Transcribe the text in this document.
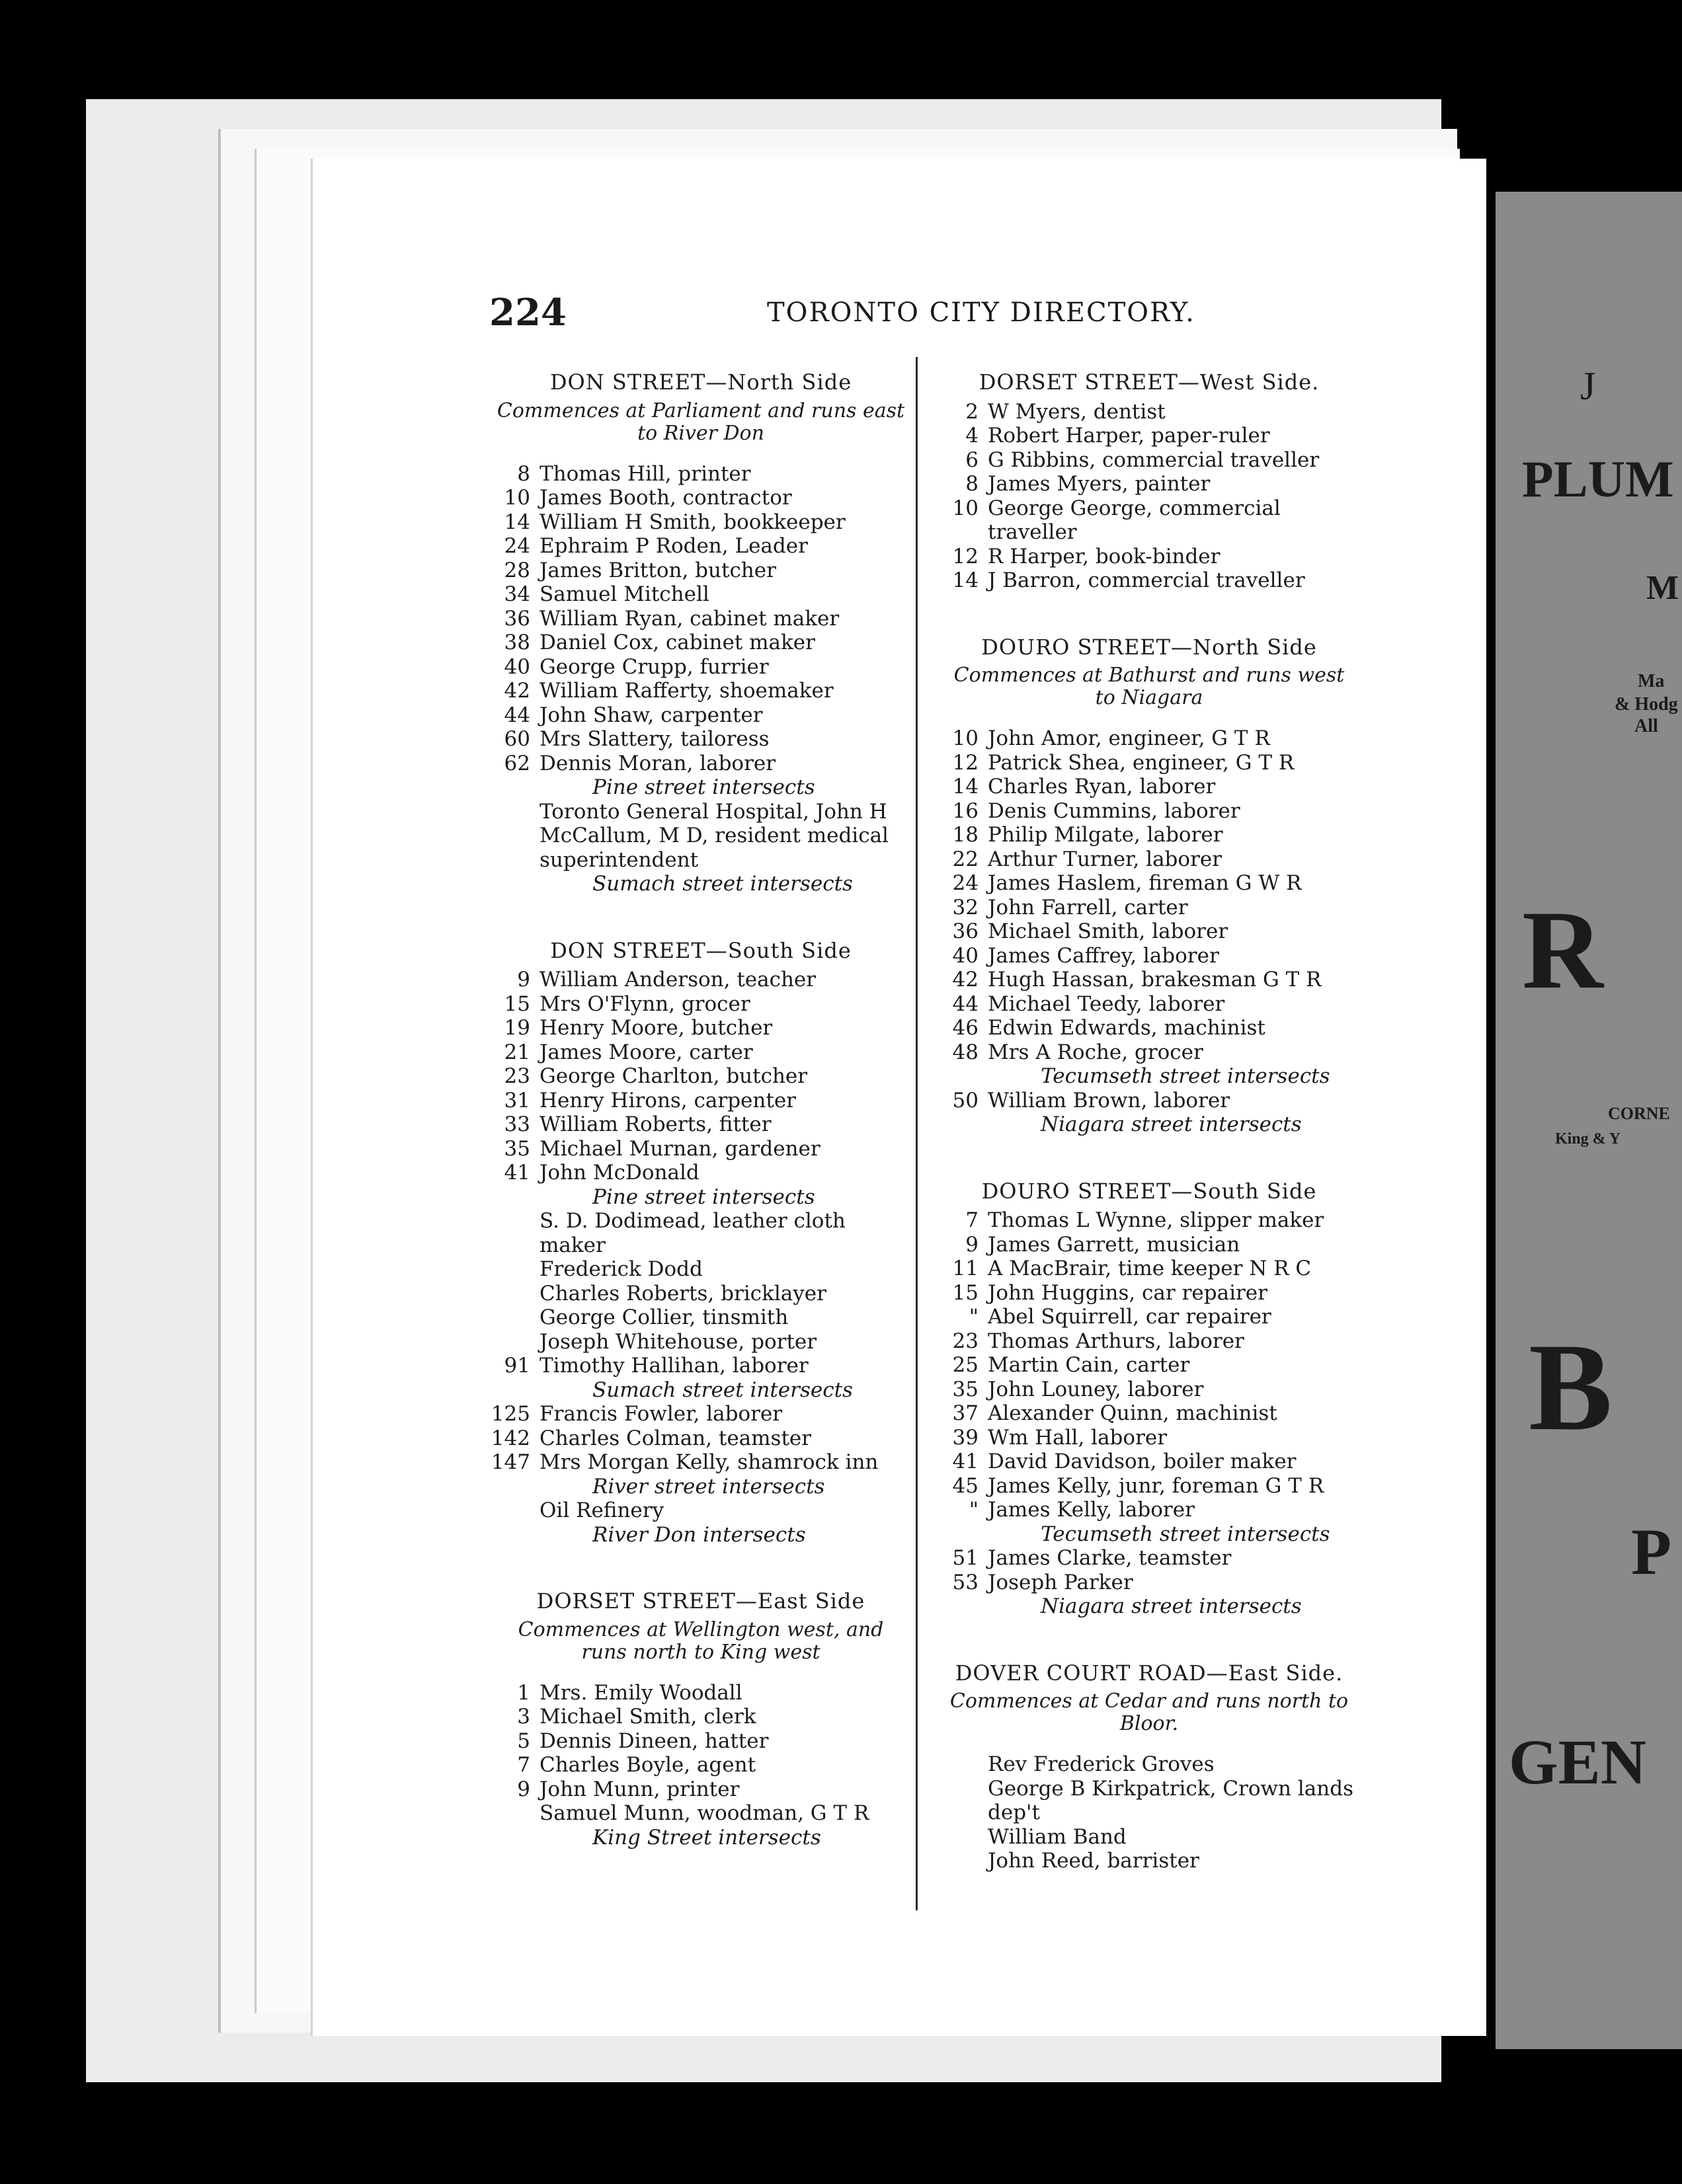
J
PLUM
M
Ma
& Hodg
All
R
CORNE
King & Y
B
P
GEN
224	TORONTO CITY DIRECTORY.
DON STREET—North Side
Commences at Parliament and runs east to River Don
8 Thomas Hill, printer
10 James Booth, contractor
14 William H Smith, bookkeeper
24 Ephraim P Roden, Leader
28 James Britton, butcher
34 Samuel Mitchell
36 William Ryan, cabinet maker
38 Daniel Cox, cabinet maker
40 George Crupp, furrier
42 William Rafferty, shoemaker
44 John Shaw, carpenter
60 Mrs Slattery, tailoress
62 Dennis Moran, laborer
Pine street intersects
Toronto General Hospital, John H McCallum, M D, resident medical superintendent
Sumach street intersects
DON STREET—South Side
9 William Anderson, teacher
15 Mrs O'Flynn, grocer
19 Henry Moore, butcher
21 James Moore, carter
23 George Charlton, butcher
31 Henry Hirons, carpenter
33 William Roberts, fitter
35 Michael Murnan, gardener
41 John McDonald
Pine street intersects
S. D. Dodimead, leather cloth maker
Frederick Dodd
Charles Roberts, bricklayer
George Collier, tinsmith
Joseph Whitehouse, porter
91 Timothy Hallihan, laborer
Sumach street intersects
125 Francis Fowler, laborer
142 Charles Colman, teamster
147 Mrs Morgan Kelly, shamrock inn
River street intersects
Oil Refinery
River Don intersects
DORSET STREET—East Side
Commences at Wellington west, and runs north to King west
1 Mrs. Emily Woodall
3 Michael Smith, clerk
5 Dennis Dineen, hatter
7 Charles Boyle, agent
9 John Munn, printer
Samuel Munn, woodman, G T R
King Street intersects
DORSET STREET—West Side.
2 W Myers, dentist
4 Robert Harper, paper-ruler
6 G Ribbins, commercial traveller
8 James Myers, painter
10 George George, commercial traveller
12 R Harper, book-binder
14 J Barron, commercial traveller
DOURO STREET—North Side
Commences at Bathurst and runs west to Niagara
10 John Amor, engineer, G T R
12 Patrick Shea, engineer, G T R
14 Charles Ryan, laborer
16 Denis Cummins, laborer
18 Philip Milgate, laborer
22 Arthur Turner, laborer
24 James Haslem, fireman G W R
32 John Farrell, carter
36 Michael Smith, laborer
40 James Caffrey, laborer
42 Hugh Hassan, brakesman G T R
44 Michael Teedy, laborer
46 Edwin Edwards, machinist
48 Mrs A Roche, grocer
Tecumseth street intersects
50 William Brown, laborer
Niagara street intersects
DOURO STREET—South Side
7 Thomas L Wynne, slipper maker
9 James Garrett, musician
11 A MacBrair, time keeper N R C
15 John Huggins, car repairer
" Abel Squirrell, car repairer
23 Thomas Arthurs, laborer
25 Martin Cain, carter
35 John Louney, laborer
37 Alexander Quinn, machinist
39 Wm Hall, laborer
41 David Davidson, boiler maker
45 James Kelly, junr, foreman G T R
" James Kelly, laborer
Tecumseth street intersects
51 James Clarke, teamster
53 Joseph Parker
Niagara street intersects
DOVER COURT ROAD—East Side.
Commences at Cedar and runs north to Bloor.
Rev Frederick Groves
George B Kirkpatrick, Crown lands dep't
William Band
John Reed, barrister
